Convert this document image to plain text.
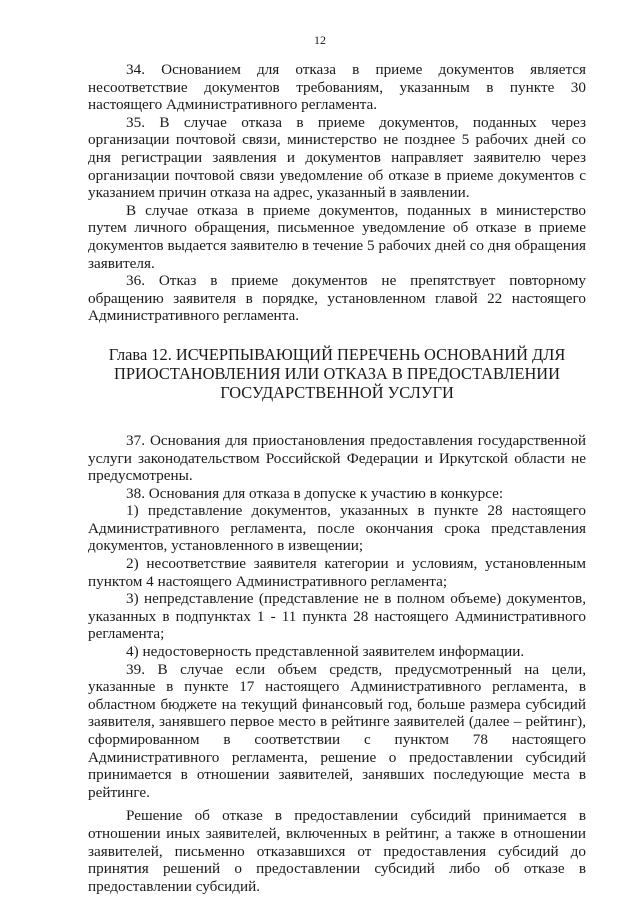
12

34. Основанием для отказа в приеме документов является несоответствие документов требованиям, указанным в пункте 30 настоящего Административного регламента.

35. В случае отказа в приеме документов, поданных через организации почтовой связи, министерство не позднее 5 рабочих дней со дня регистрации заявления и документов направляет заявителю через организации почтовой связи уведомление об отказе в приеме документов с указанием причин отказа на адрес, указанный в заявлении.

В случае отказа в приеме документов, поданных в министерство путем личного обращения, письменное уведомление об отказе в приеме документов выдается заявителю в течение 5 рабочих дней со дня обращения заявителя.

36. Отказ в приеме документов не препятствует повторному обращению заявителя в порядке, установленном главой 22 настоящего Административного регламента.

Глава 12. ИСЧЕРПЫВАЮЩИЙ ПЕРЕЧЕНЬ ОСНОВАНИЙ ДЛЯ
ПРИОСТАНОВЛЕНИЯ ИЛИ ОТКАЗА В ПРЕДОСТАВЛЕНИИ
ГОСУДАРСТВЕННОЙ УСЛУГИ

37. Основания для приостановления предоставления государственной услуги законодательством Российской Федерации и Иркутской области не предусмотрены.

38. Основания для отказа в допуске к участию в конкурсе:

1) представление документов, указанных в пункте 28 настоящего Административного регламента, после окончания срока представления документов, установленного в извещении;

2) несоответствие заявителя категории и условиям, установленным пунктом 4 настоящего Административного регламента;

3) непредставление (представление не в полном объеме) документов, указанных в подпунктах 1 - 11 пункта 28 настоящего Административного регламента;

4) недостоверность представленной заявителем информации.

39. В случае если объем средств, предусмотренный на цели, указанные в пункте 17 настоящего Административного регламента, в областном бюджете на текущий финансовый год, больше размера субсидий заявителя, занявшего первое место в рейтинге заявителей (далее – рейтинг), сформированном в соответствии с пунктом 78 настоящего Административного регламента, решение о предоставлении субсидий принимается в отношении заявителей, занявших последующие места в рейтинге.

Решение об отказе в предоставлении субсидий принимается в отношении иных заявителей, включенных в рейтинг, а также в отношении заявителей, письменно отказавшихся от предоставления субсидий до принятия решений о предоставлении субсидий либо об отказе в предоставлении субсидий.
